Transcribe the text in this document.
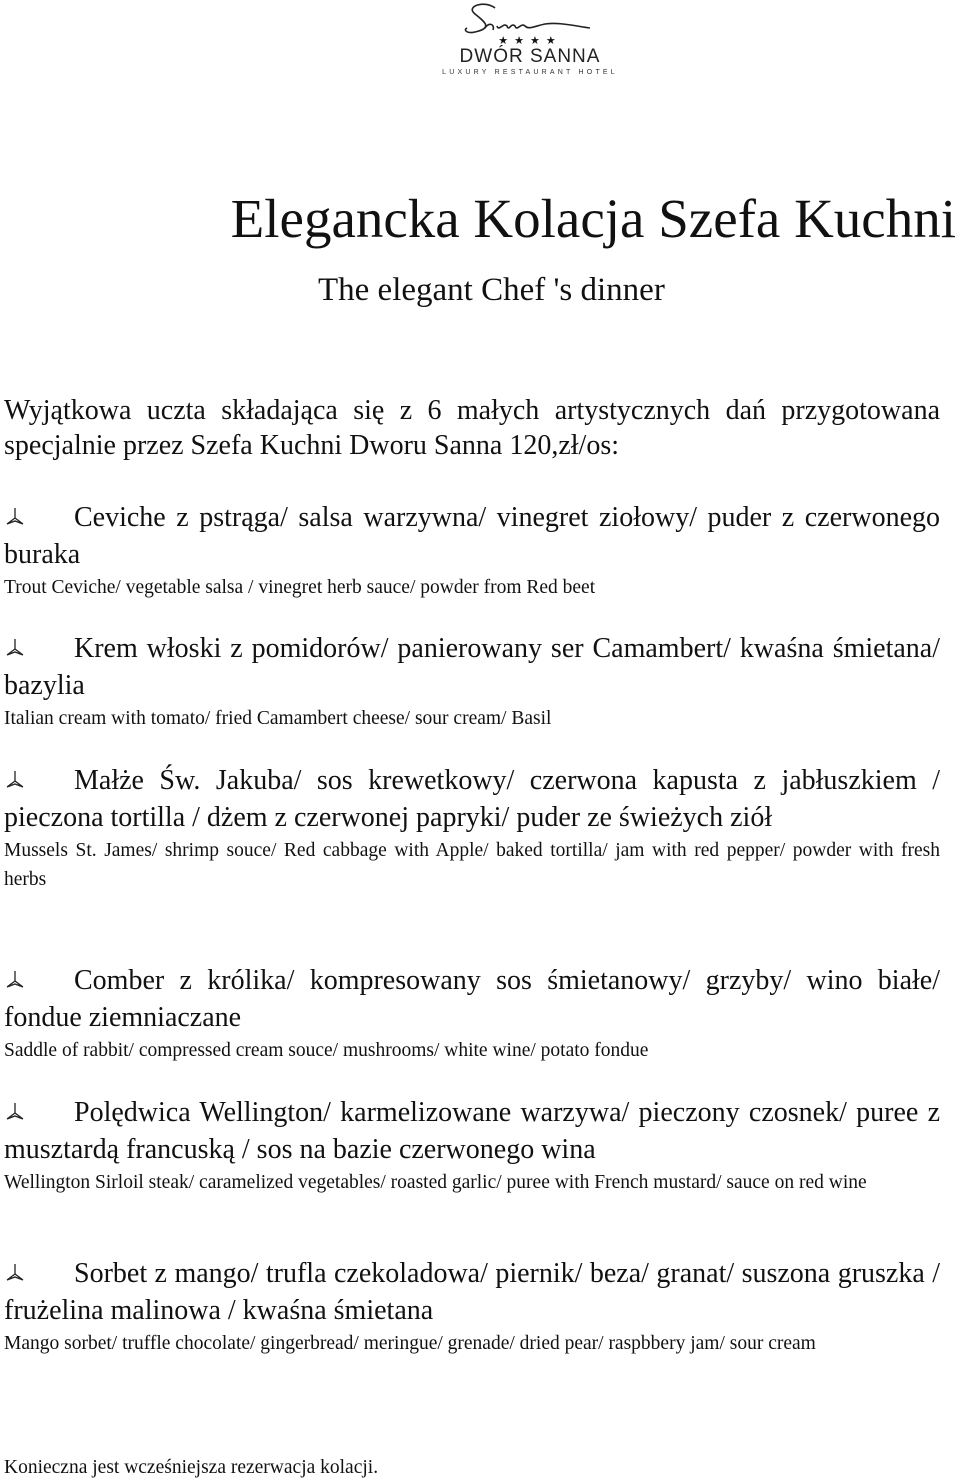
★★★★
DWÓR SANNA
LUXURY RESTAURANT HOTEL
Elegancka Kolacja Szefa Kuchni
The elegant Chef 's dinner
Wyjątkowa uczta składająca się z 6 małych artystycznych dań przygotowana specjalnie przez Szefa Kuchni Dworu Sanna 120,zł/os:
Ceviche z pstrąga/ salsa warzywna/ vinegret ziołowy/ puder z czerwonego buraka
Trout Ceviche/ vegetable salsa / vinegret herb sauce/ powder from Red beet
Krem włoski z pomidorów/ panierowany ser Camambert/ kwaśna śmietana/ bazylia
Italian cream with tomato/ fried Camambert cheese/ sour cream/ Basil
Małże Św. Jakuba/ sos krewetkowy/ czerwona kapusta z jabłuszkiem / pieczona tortilla / dżem z czerwonej papryki/ puder ze świeżych ziół
Mussels St. James/ shrimp souce/ Red cabbage with Apple/ baked tortilla/ jam with red pepper/ powder with fresh herbs
Comber z królika/ kompresowany sos śmietanowy/ grzyby/ wino białe/ fondue ziemniaczane
Saddle of rabbit/ compressed cream souce/ mushrooms/ white wine/ potato fondue
Polędwica Wellington/ karmelizowane warzywa/ pieczony czosnek/ puree z musztardą francuską / sos na bazie czerwonego wina
Wellington Sirloil steak/ caramelized vegetables/ roasted garlic/ puree with French mustard/ sauce on red wine
Sorbet z mango/ trufla czekoladowa/ piernik/ beza/ granat/ suszona gruszka / frużelina malinowa / kwaśna śmietana
Mango sorbet/ truffle chocolate/ gingerbread/ meringue/ grenade/ dried pear/ raspbbery jam/ sour cream
Konieczna jest wcześniejsza rezerwacja kolacji.
